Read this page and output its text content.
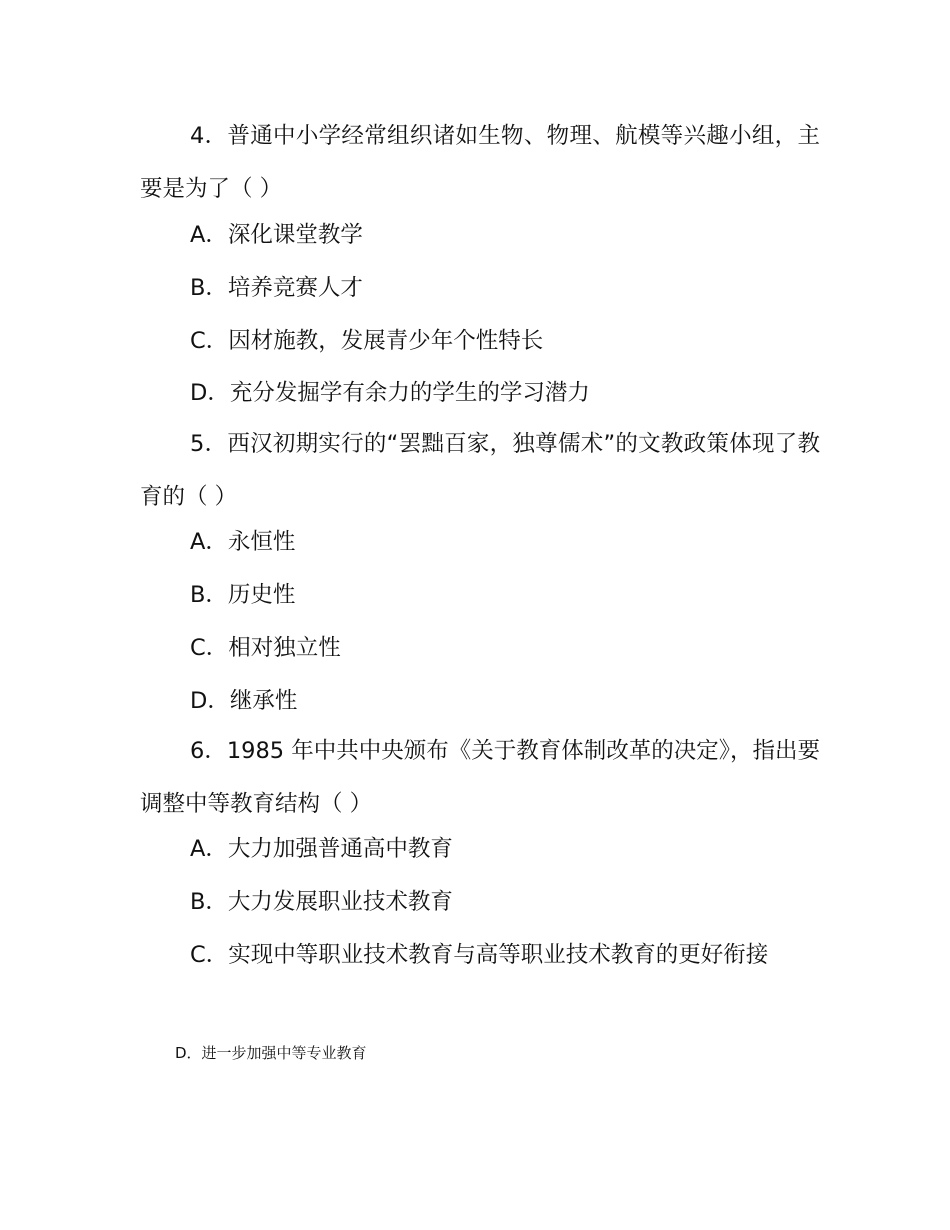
4．普通中小学经常组织诸如生物、物理、航模等兴趣小组，主要是为了（ ）
A．深化课堂教学
B．培养竞赛人才
C．因材施教，发展青少年个性特长
D．充分发掘学有余力的学生的学习潜力
5．西汉初期实行的“罢黜百家，独尊儒术”的文教政策体现了教育的（ ）
A．永恒性
B．历史性
C．相对独立性
D．继承性
6．1985 年中共中央颁布《关于教育体制改革的决定》，指出要调整中等教育结构（ ）
A．大力加强普通高中教育
B．大力发展职业技术教育
C．实现中等职业技术教育与高等职业技术教育的更好衔接
D．进一步加强中等专业教育
